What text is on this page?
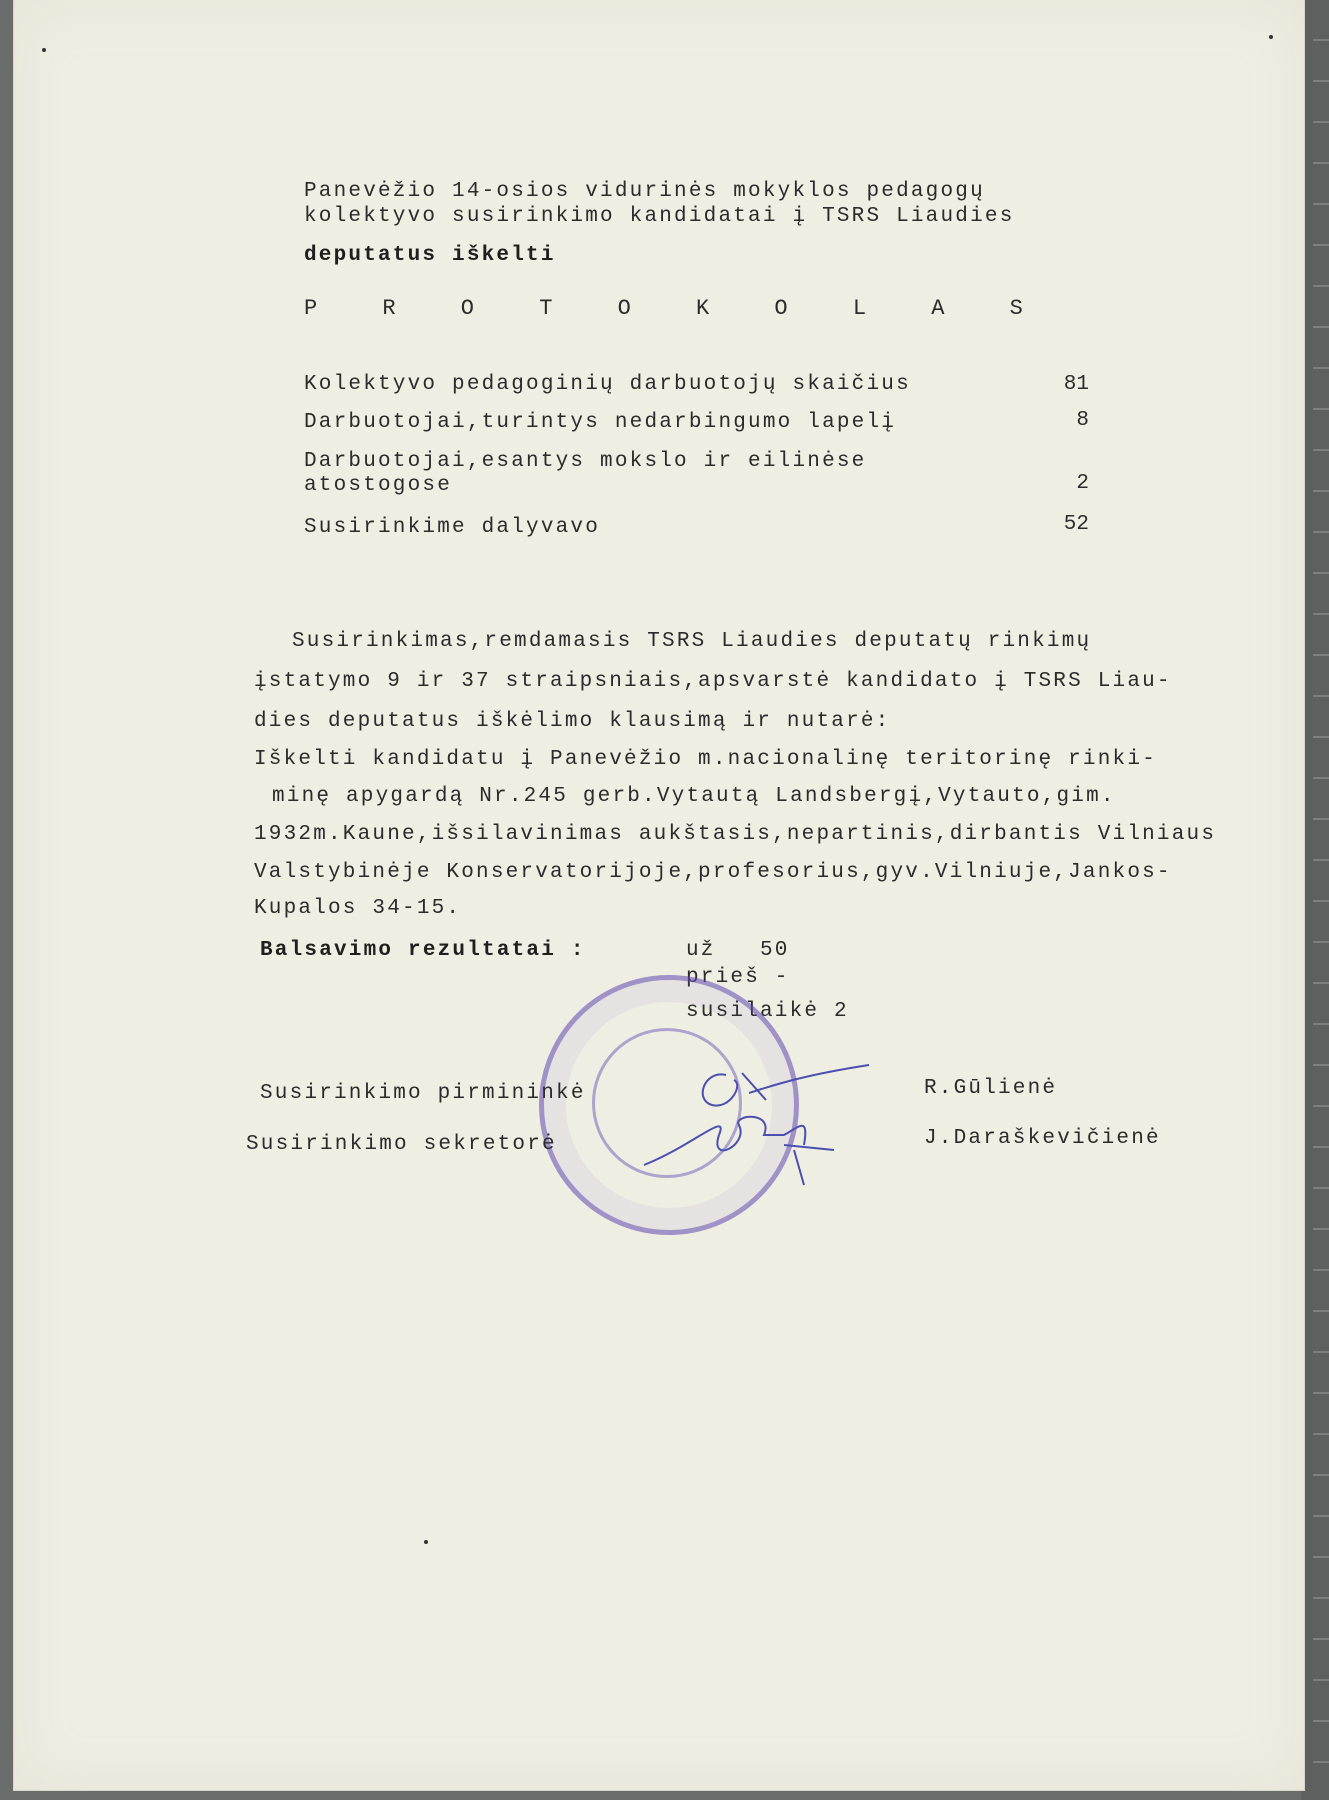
Panevėžio 14-osios vidurinės mokyklos pedagogų
kolektyvo susirinkimo kandidatai į TSRS Liaudies
deputatus iškelti
P R O T O K O L A S
Kolektyvo pedagoginių darbuotojų skaičius	81
Darbuotojai,turintys nedarbingumo lapelį	8
Darbuotojai,esantys mokslo ir eilinėse
atostogose	2
Susirinkime dalyvavo	52
Susirinkimas,remdamasis TSRS Liaudies deputatų rinkimų
įstatymo 9 ir 37 straipsniais,apsvarstė kandidato į TSRS Liau-
dies deputatus iškėlimo klausimą ir nutarė:
Iškelti kandidatu į Panevėžio m.nacionalinę teritorinę rinki-
minę apygardą Nr.245 gerb.Vytautą Landsbergį,Vytauto,gim.
1932m.Kaune,išsilavinimas aukštasis,nepartinis,dirbantis Vilniaus
Valstybinėje Konservatorijoje,profesorius,gyv.Vilniuje,Jankos-
Kupalos 34-15.
Balsavimo rezultatai :	už   50
prieš -
susilaikė 2
Susirinkimo pirmininkė	R.Gūlienė
Susirinkimo sekretorė	J.Daraškevičienė
